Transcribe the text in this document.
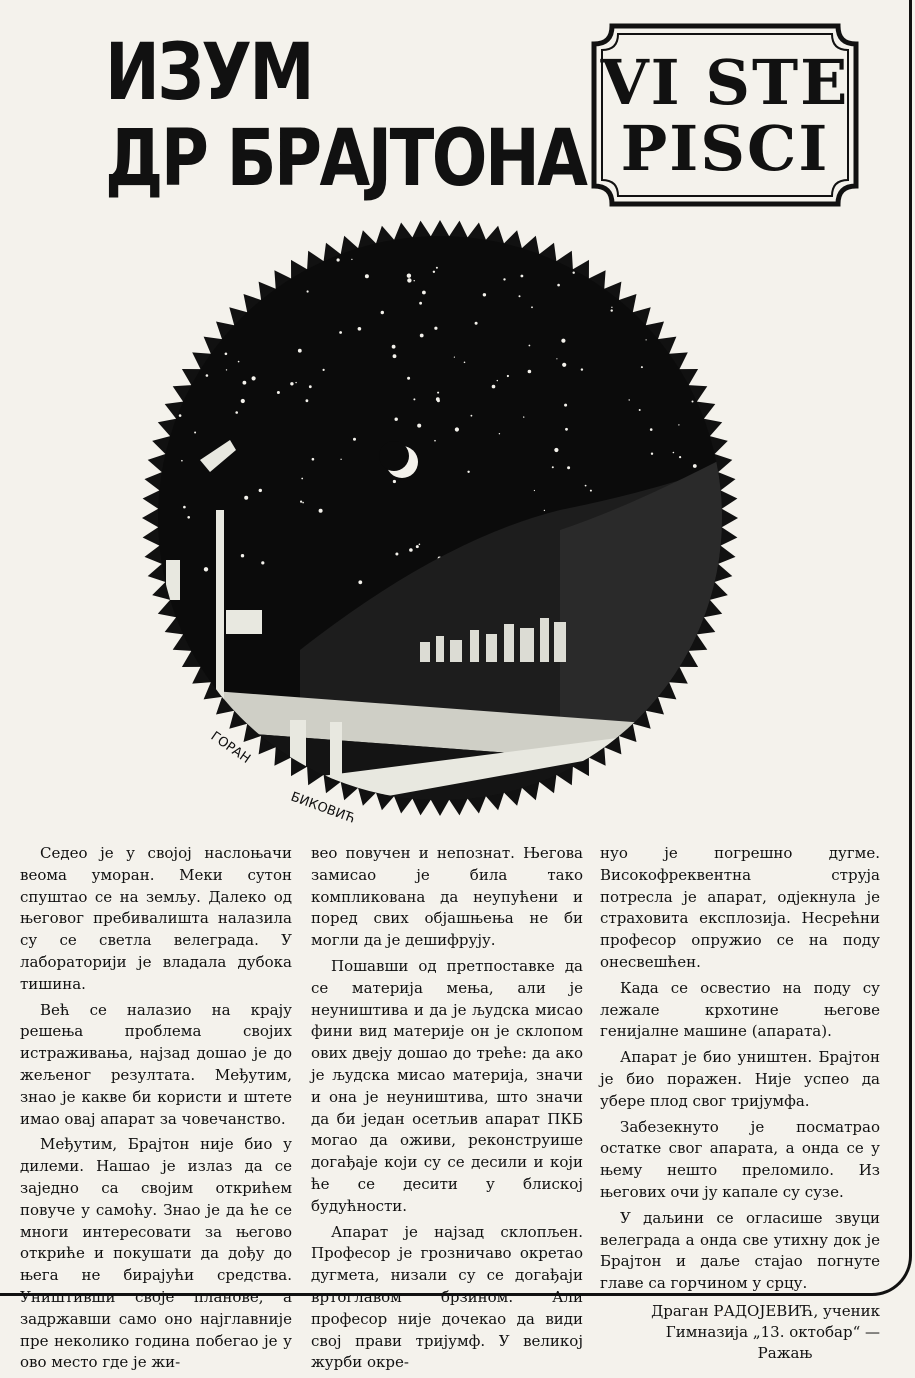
ИЗУМ
ДР БРАЈТОНА
VI STE
PISCI
ГОРАН
БИКОВИЋ

Седео је у својој наслоњачи веома уморан. Меки сутон спуштао се на земљу. Далеко од његовог пребивалишта налазила су се светла велеграда. У лабораторији је владала дубока тишина.

Већ се налазио на крају решења проблема својих истраживања, најзад дошао је до жељеног резултата. Међутим, знао је какве би користи и штете имао овај апарат за човечанство.

Међутим, Брајтон није био у дилеми. Нашао је излаз да се заједно са својим открићем повуче у самоћу. Знао је да ће се многи интересовати за његово откриће и покушати да дођу до њега не бирајући средства. Уништивши своје планове, а задржавши само оно најглавније пре неколико година побегао је у ово место где је жи-

вео повучен и непознат. Његова замисао је била тако компликована да неупућени и поред свих објашњења не би могли да је дешифрују.

Пошавши од претпоставке да се материја мења, али је неуништива и да је људска мисао фини вид материје он је склопом ових двеју дошао до треће: да ако је људска мисао материја, значи и она је неуништива, што значи да би један осетљив апарат ПКБ могао да оживи, реконструише догађаје који су се десили и који ће се десити у блиској будућности.

Апарат је најзад склопљен. Професор је грозничаво окретао дугмета, низали су се догађаји вртоглавом брзином. Али професор није дочекао да види свој прави тријумф. У великој журби окре-

нуо је погрешно дугме. Високофреквентна струја потресла је апарат, одјекнула је страховита експлозија. Несрећни професор опружио се на поду онесвешћен.

Када се освестио на поду су лежале крхотине његове генијалне машине (апарата).

Апарат је био уништен. Брајтон је био поражен. Није успео да убере плод свог тријумфа.

Забезекнуто је посматрао остатке свог апарата, а онда се у њему нешто преломило. Из његових очи ју капале су сузе.

У даљини се огласише звуци велеграда а онда све утихну док је Брајтон и даље стајао погнуте главе са горчином у срцу.

Драган РАДОЈЕВИЋ, ученик
Гимназија „13. октобар“ —
Ражањ
